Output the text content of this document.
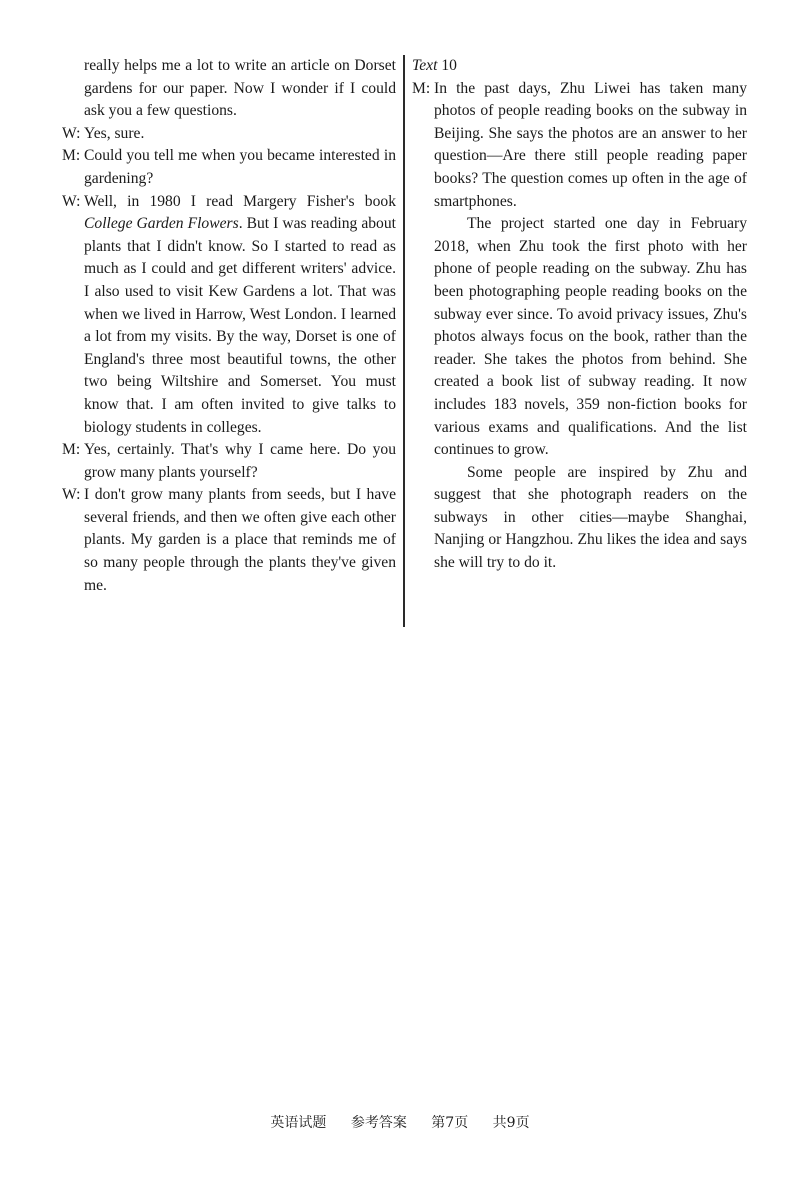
really helps me a lot to write an article on Dorset gardens for our paper. Now I wonder if I could ask you a few questions.
W: Yes, sure.
M: Could you tell me when you became interested in gardening?
W: Well, in 1980 I read Margery Fisher's book College Garden Flowers. But I was reading about plants that I didn't know. So I started to read as much as I could and get different writers' advice. I also used to visit Kew Gardens a lot. That was when we lived in Harrow, West London. I learned a lot from my visits. By the way, Dorset is one of England's three most beautiful towns, the other two being Wiltshire and Somerset. You must know that. I am often invited to give talks to biology students in colleges.
M: Yes, certainly. That's why I came here. Do you grow many plants yourself?
W: I don't grow many plants from seeds, but I have several friends, and then we often give each other plants. My garden is a place that reminds me of so many people through the plants they've given me.
Text 10
M: In the past days, Zhu Liwei has taken many photos of people reading books on the subway in Beijing. She says the photos are an answer to her question—Are there still people reading paper books? The question comes up often in the age of smartphones.
The project started one day in February 2018, when Zhu took the first photo with her phone of people reading on the subway. Zhu has been photographing people reading books on the subway ever since. To avoid privacy issues, Zhu's photos always focus on the book, rather than the reader. She takes the photos from behind. She created a book list of subway reading. It now includes 183 novels, 359 non-fiction books for various exams and qualifications. And the list continues to grow.
Some people are inspired by Zhu and suggest that she photograph readers on the subways in other cities—maybe Shanghai, Nanjing or Hangzhou. Zhu likes the idea and says she will try to do it.
英语试题 参考答案 第7页 共9页
